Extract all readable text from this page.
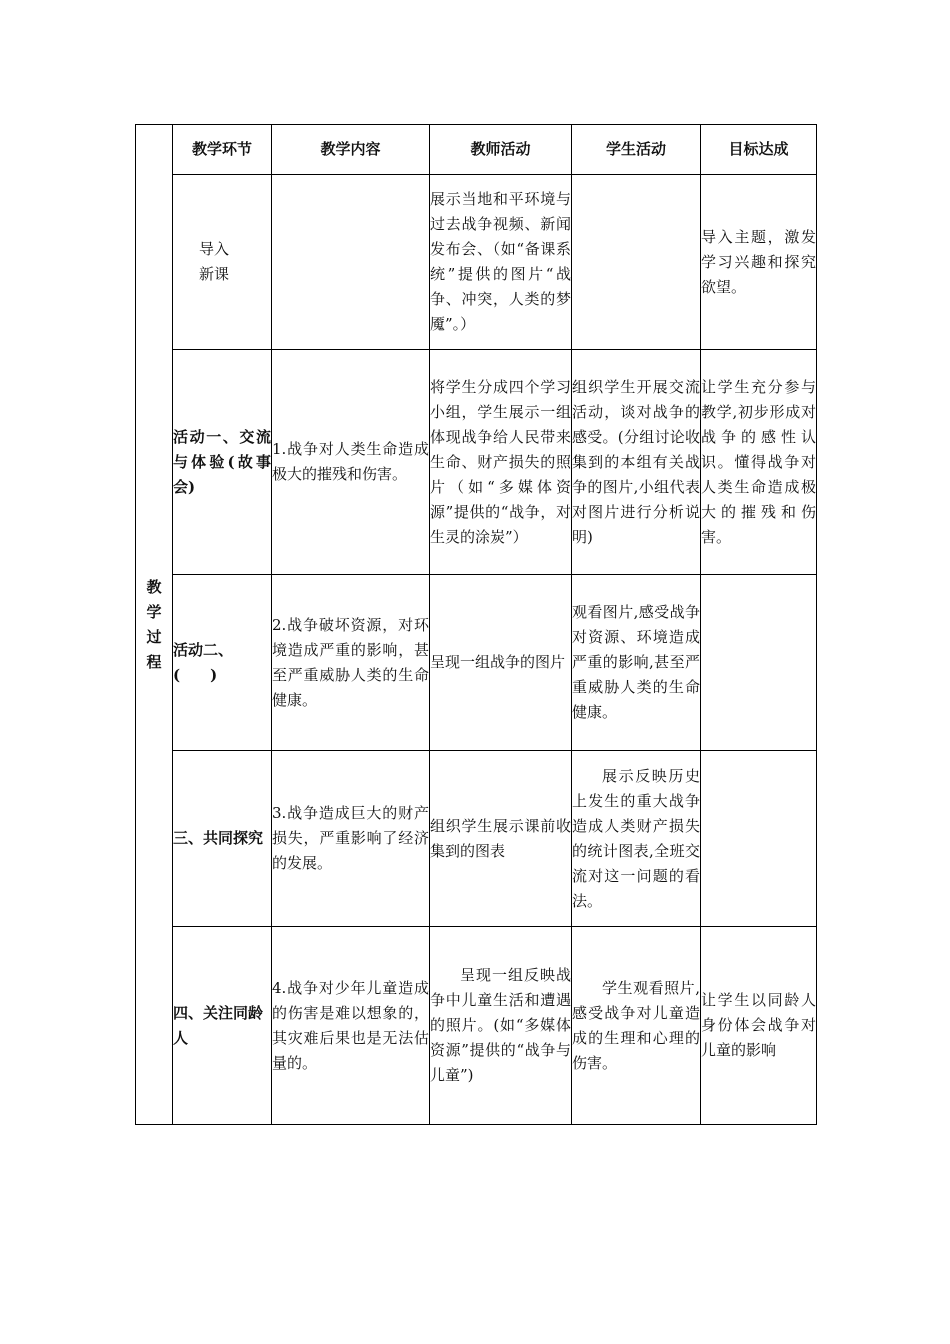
教学过程	教学环节	教学内容	教师活动	学生活动	目标达成

	导入新课		展示当地和平环境与过去战争视频、新闻发布会、（如“备课系统”提供的图片“战争、冲突，人类的梦魇”。）		导入主题，激发学习兴趣和探究欲望。
	活动一、交流与体验(故事会)	1.战争对人类生命造成极大的摧残和伤害。	将学生分成四个学习小组，学生展示一组体现战争给人民带来生命、财产损失的照片（如“多媒体资源”提供的“战争，对生灵的涂炭”）	组织学生开展交流活动，谈对战争的感受。(分组讨论收集到的本组有关战争的图片,小组代表对图片进行分析说明)	让学生充分参与教学,初步形成对战争的感性认识。懂得战争对人类生命造成极大的摧残和伤害。
	活动二、(　　)	2.战争破坏资源，对环境造成严重的影响，甚至严重威胁人类的生命健康。	呈现一组战争的图片	观看图片,感受战争对资源、环境造成严重的影响,甚至严重威胁人类的生命健康。	
	三、共同探究	3.战争造成巨大的财产损失，严重影响了经济的发展。	组织学生展示课前收集到的图表	展示反映历史上发生的重大战争造成人类财产损失的统计图表,全班交流对这一问题的看法。	
	四、关注同龄人	4.战争对少年儿童造成的伤害是难以想象的，其灾难后果也是无法估量的。	呈现一组反映战争中儿童生活和遭遇的照片。(如“多媒体资源”提供的“战争与儿童”)	学生观看照片,感受战争对儿童造成的生理和心理的伤害。	让学生以同龄人身份体会战争对儿童的影响
